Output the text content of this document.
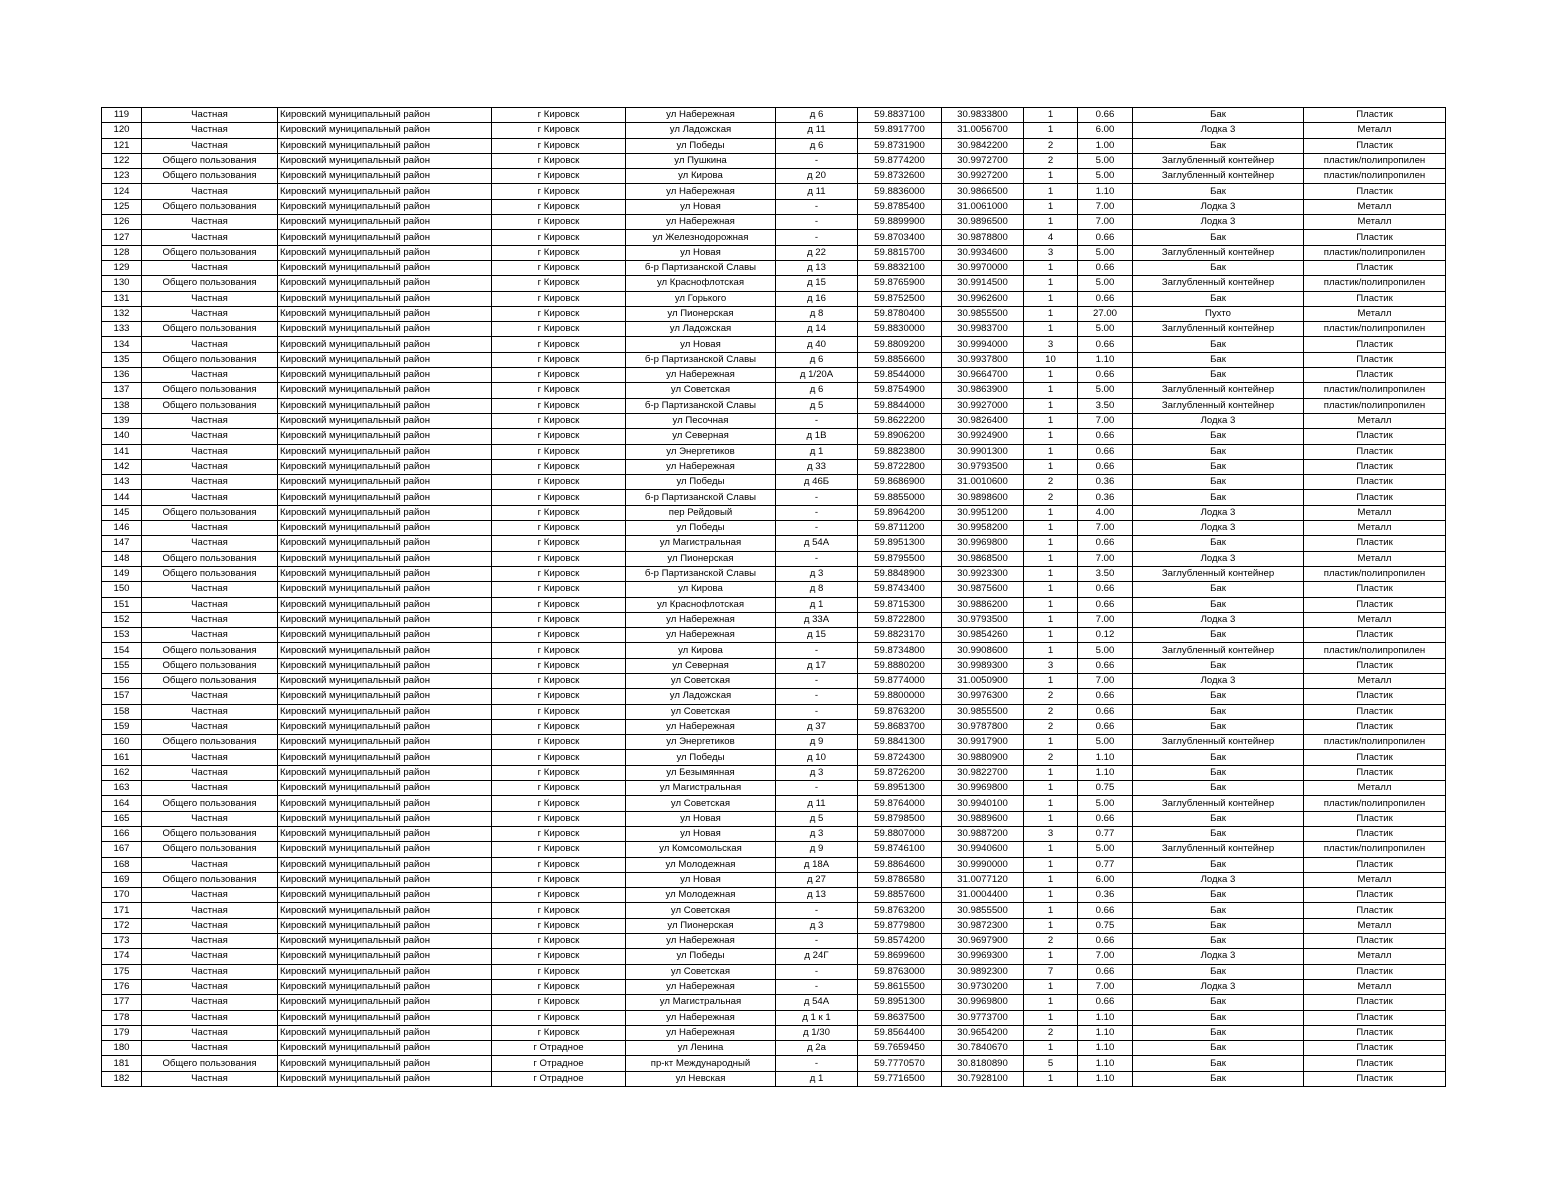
119	Частная	Кировский муниципальный район	г Кировск	ул Набережная	д 6	59.8837100	30.9833800	1	0.66	Бак	Пластик
120	Частная	Кировский муниципальный район	г Кировск	ул Ладожская	д 11	59.8917700	31.0056700	1	6.00	Лодка 3	Металл
121	Частная	Кировский муниципальный район	г Кировск	ул Победы	д 6	59.8731900	30.9842200	2	1.00	Бак	Пластик
122	Общего пользования	Кировский муниципальный район	г Кировск	ул Пушкина	-	59.8774200	30.9972700	2	5.00	Заглубленный контейнер	пластик/полипропилен
123	Общего пользования	Кировский муниципальный район	г Кировск	ул Кирова	д 20	59.8732600	30.9927200	1	5.00	Заглубленный контейнер	пластик/полипропилен
124	Частная	Кировский муниципальный район	г Кировск	ул Набережная	д 11	59.8836000	30.9866500	1	1.10	Бак	Пластик
125	Общего пользования	Кировский муниципальный район	г Кировск	ул Новая	-	59.8785400	31.0061000	1	7.00	Лодка 3	Металл
126	Частная	Кировский муниципальный район	г Кировск	ул Набережная	-	59.8899900	30.9896500	1	7.00	Лодка 3	Металл
127	Частная	Кировский муниципальный район	г Кировск	ул Железнодорожная	-	59.8703400	30.9878800	4	0.66	Бак	Пластик
128	Общего пользования	Кировский муниципальный район	г Кировск	ул Новая	д 22	59.8815700	30.9934600	3	5.00	Заглубленный контейнер	пластик/полипропилен
129	Частная	Кировский муниципальный район	г Кировск	б-р Партизанской Славы	д 13	59.8832100	30.9970000	1	0.66	Бак	Пластик
130	Общего пользования	Кировский муниципальный район	г Кировск	ул Краснофлотская	д 15	59.8765900	30.9914500	1	5.00	Заглубленный контейнер	пластик/полипропилен
131	Частная	Кировский муниципальный район	г Кировск	ул Горького	д 16	59.8752500	30.9962600	1	0.66	Бак	Пластик
132	Частная	Кировский муниципальный район	г Кировск	ул Пионерская	д 8	59.8780400	30.9855500	1	27.00	Пухто	Металл
133	Общего пользования	Кировский муниципальный район	г Кировск	ул Ладожская	д 14	59.8830000	30.9983700	1	5.00	Заглубленный контейнер	пластик/полипропилен
134	Частная	Кировский муниципальный район	г Кировск	ул Новая	д 40	59.8809200	30.9994000	3	0.66	Бак	Пластик
135	Общего пользования	Кировский муниципальный район	г Кировск	б-р Партизанской Славы	д 6	59.8856600	30.9937800	10	1.10	Бак	Пластик
136	Частная	Кировский муниципальный район	г Кировск	ул Набережная	д 1/20А	59.8544000	30.9664700	1	0.66	Бак	Пластик
137	Общего пользования	Кировский муниципальный район	г Кировск	ул Советская	д 6	59.8754900	30.9863900	1	5.00	Заглубленный контейнер	пластик/полипропилен
138	Общего пользования	Кировский муниципальный район	г Кировск	б-р Партизанской Славы	д 5	59.8844000	30.9927000	1	3.50	Заглубленный контейнер	пластик/полипропилен
139	Частная	Кировский муниципальный район	г Кировск	ул Песочная	-	59.8622200	30.9826400	1	7.00	Лодка 3	Металл
140	Частная	Кировский муниципальный район	г Кировск	ул Северная	д 1В	59.8906200	30.9924900	1	0.66	Бак	Пластик
141	Частная	Кировский муниципальный район	г Кировск	ул Энергетиков	д 1	59.8823800	30.9901300	1	0.66	Бак	Пластик
142	Частная	Кировский муниципальный район	г Кировск	ул Набережная	д 33	59.8722800	30.9793500	1	0.66	Бак	Пластик
143	Частная	Кировский муниципальный район	г Кировск	ул Победы	д 46Б	59.8686900	31.0010600	2	0.36	Бак	Пластик
144	Частная	Кировский муниципальный район	г Кировск	б-р Партизанской Славы	-	59.8855000	30.9898600	2	0.36	Бак	Пластик
145	Общего пользования	Кировский муниципальный район	г Кировск	пер Рейдовый	-	59.8964200	30.9951200	1	4.00	Лодка 3	Металл
146	Частная	Кировский муниципальный район	г Кировск	ул Победы	-	59.8711200	30.9958200	1	7.00	Лодка 3	Металл
147	Частная	Кировский муниципальный район	г Кировск	ул Магистральная	д 54А	59.8951300	30.9969800	1	0.66	Бак	Пластик
148	Общего пользования	Кировский муниципальный район	г Кировск	ул Пионерская	-	59.8795500	30.9868500	1	7.00	Лодка 3	Металл
149	Общего пользования	Кировский муниципальный район	г Кировск	б-р Партизанской Славы	д 3	59.8848900	30.9923300	1	3.50	Заглубленный контейнер	пластик/полипропилен
150	Частная	Кировский муниципальный район	г Кировск	ул Кирова	д 8	59.8743400	30.9875600	1	0.66	Бак	Пластик
151	Частная	Кировский муниципальный район	г Кировск	ул Краснофлотская	д 1	59.8715300	30.9886200	1	0.66	Бак	Пластик
152	Частная	Кировский муниципальный район	г Кировск	ул Набережная	д 33А	59.8722800	30.9793500	1	7.00	Лодка 3	Металл
153	Частная	Кировский муниципальный район	г Кировск	ул Набережная	д 15	59.8823170	30.9854260	1	0.12	Бак	Пластик
154	Общего пользования	Кировский муниципальный район	г Кировск	ул Кирова	-	59.8734800	30.9908600	1	5.00	Заглубленный контейнер	пластик/полипропилен
155	Общего пользования	Кировский муниципальный район	г Кировск	ул Северная	д 17	59.8880200	30.9989300	3	0.66	Бак	Пластик
156	Общего пользования	Кировский муниципальный район	г Кировск	ул Советская	-	59.8774000	31.0050900	1	7.00	Лодка 3	Металл
157	Частная	Кировский муниципальный район	г Кировск	ул Ладожская	-	59.8800000	30.9976300	2	0.66	Бак	Пластик
158	Частная	Кировский муниципальный район	г Кировск	ул Советская	-	59.8763200	30.9855500	2	0.66	Бак	Пластик
159	Частная	Кировский муниципальный район	г Кировск	ул Набережная	д 37	59.8683700	30.9787800	2	0.66	Бак	Пластик
160	Общего пользования	Кировский муниципальный район	г Кировск	ул Энергетиков	д 9	59.8841300	30.9917900	1	5.00	Заглубленный контейнер	пластик/полипропилен
161	Частная	Кировский муниципальный район	г Кировск	ул Победы	д 10	59.8724300	30.9880900	2	1.10	Бак	Пластик
162	Частная	Кировский муниципальный район	г Кировск	ул Безымянная	д 3	59.8726200	30.9822700	1	1.10	Бак	Пластик
163	Частная	Кировский муниципальный район	г Кировск	ул Магистральная	-	59.8951300	30.9969800	1	0.75	Бак	Металл
164	Общего пользования	Кировский муниципальный район	г Кировск	ул Советская	д 11	59.8764000	30.9940100	1	5.00	Заглубленный контейнер	пластик/полипропилен
165	Частная	Кировский муниципальный район	г Кировск	ул Новая	д 5	59.8798500	30.9889600	1	0.66	Бак	Пластик
166	Общего пользования	Кировский муниципальный район	г Кировск	ул Новая	д 3	59.8807000	30.9887200	3	0.77	Бак	Пластик
167	Общего пользования	Кировский муниципальный район	г Кировск	ул Комсомольская	д 9	59.8746100	30.9940600	1	5.00	Заглубленный контейнер	пластик/полипропилен
168	Частная	Кировский муниципальный район	г Кировск	ул Молодежная	д 18А	59.8864600	30.9990000	1	0.77	Бак	Пластик
169	Общего пользования	Кировский муниципальный район	г Кировск	ул Новая	д 27	59.8786580	31.0077120	1	6.00	Лодка 3	Металл
170	Частная	Кировский муниципальный район	г Кировск	ул Молодежная	д 13	59.8857600	31.0004400	1	0.36	Бак	Пластик
171	Частная	Кировский муниципальный район	г Кировск	ул Советская	-	59.8763200	30.9855500	1	0.66	Бак	Пластик
172	Частная	Кировский муниципальный район	г Кировск	ул Пионерская	д 3	59.8779800	30.9872300	1	0.75	Бак	Металл
173	Частная	Кировский муниципальный район	г Кировск	ул Набережная	-	59.8574200	30.9697900	2	0.66	Бак	Пластик
174	Частная	Кировский муниципальный район	г Кировск	ул Победы	д 24Г	59.8699600	30.9969300	1	7.00	Лодка 3	Металл
175	Частная	Кировский муниципальный район	г Кировск	ул Советская	-	59.8763000	30.9892300	7	0.66	Бак	Пластик
176	Частная	Кировский муниципальный район	г Кировск	ул Набережная	-	59.8615500	30.9730200	1	7.00	Лодка 3	Металл
177	Частная	Кировский муниципальный район	г Кировск	ул Магистральная	д 54А	59.8951300	30.9969800	1	0.66	Бак	Пластик
178	Частная	Кировский муниципальный район	г Кировск	ул Набережная	д 1 к 1	59.8637500	30.9773700	1	1.10	Бак	Пластик
179	Частная	Кировский муниципальный район	г Кировск	ул Набережная	д 1/30	59.8564400	30.9654200	2	1.10	Бак	Пластик
180	Частная	Кировский муниципальный район	г Отрадное	ул Ленина	д 2а	59.7659450	30.7840670	1	1.10	Бак	Пластик
181	Общего пользования	Кировский муниципальный район	г Отрадное	пр-кт Международный	-	59.7770570	30.8180890	5	1.10	Бак	Пластик
182	Частная	Кировский муниципальный район	г Отрадное	ул Невская	д 1	59.7716500	30.7928100	1	1.10	Бак	Пластик
